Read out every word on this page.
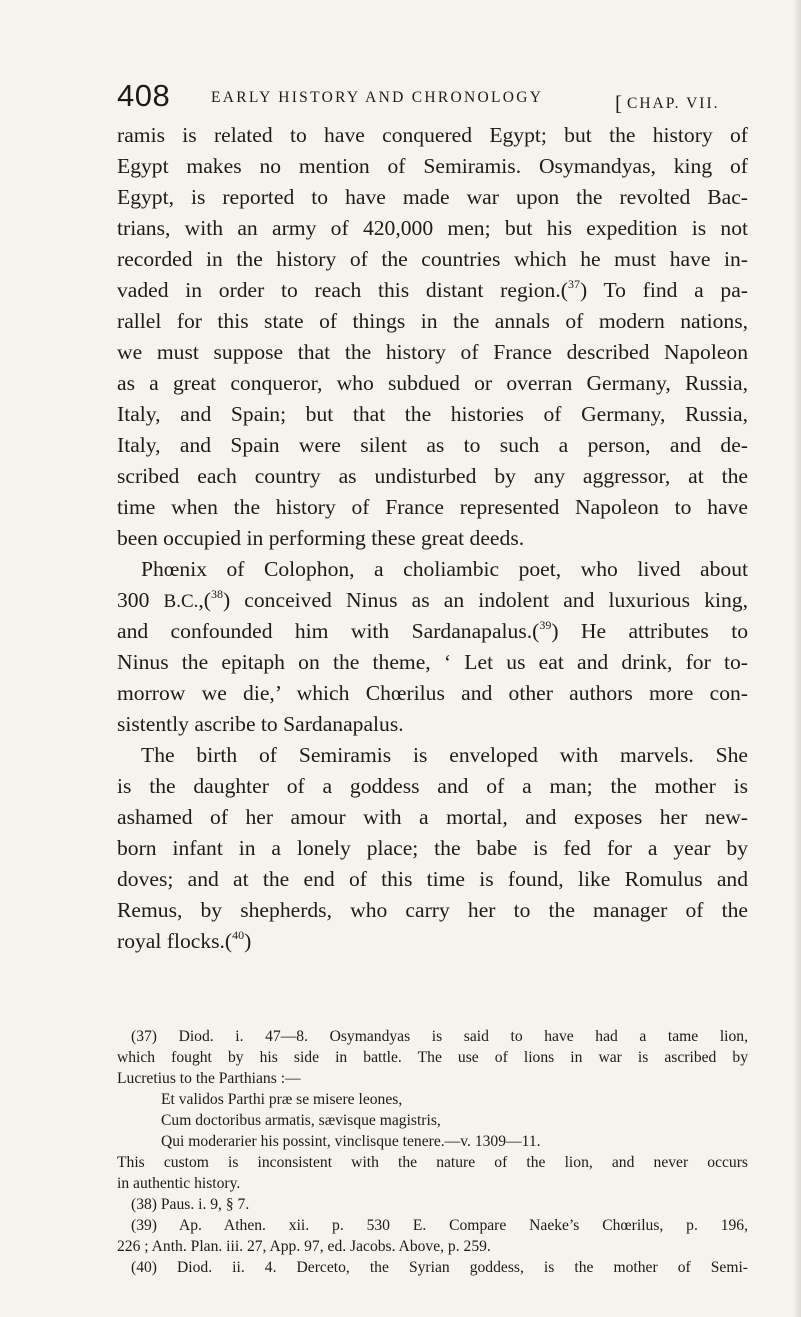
408	EARLY HISTORY AND CHRONOLOGY	[ CHAP. VII.
ramis is related to have conquered Egypt; but the history of
Egypt makes no mention of Semiramis. Osymandyas, king of
Egypt, is reported to have made war upon the revolted Bac-
trians, with an army of 420,000 men; but his expedition is not
recorded in the history of the countries which he must have in-
vaded in order to reach this distant region.($^{37}$) To find a pa-
rallel for this state of things in the annals of modern nations,
we must suppose that the history of France described Napoleon
as a great conqueror, who subdued or overran Germany, Russia,
Italy, and Spain; but that the histories of Germany, Russia,
Italy, and Spain were silent as to such a person, and de-
scribed each country as undisturbed by any aggressor, at the
time when the history of France represented Napoleon to have
been occupied in performing these great deeds.
Phœnix of Colophon, a choliambic poet, who lived about
300 B.C.,($^{38}$) conceived Ninus as an indolent and luxurious king,
and confounded him with Sardanapalus.($^{39}$) He attributes to
Ninus the epitaph on the theme, ‘ Let us eat and drink, for to-
morrow we die,’ which Chœrilus and other authors more con-
sistently ascribe to Sardanapalus.
The birth of Semiramis is enveloped with marvels. She
is the daughter of a goddess and of a man; the mother is
ashamed of her amour with a mortal, and exposes her new-
born infant in a lonely place; the babe is fed for a year by
doves; and at the end of this time is found, like Romulus and
Remus, by shepherds, who carry her to the manager of the
royal flocks.($^{40}$)
(37) Diod. i. 47—8. Osymandyas is said to have had a tame lion,
which fought by his side in battle. The use of lions in war is ascribed by
Lucretius to the Parthians :—
Et validos Parthi præ se misere leones,
Cum doctoribus armatis, sævisque magistris,
Qui moderarier his possint, vinclisque tenere.—v. 1309—11.
This custom is inconsistent with the nature of the lion, and never occurs
in authentic history.
(38) Paus. i. 9, § 7.
(39) Ap. Athen. xii. p. 530 E. Compare Naeke’s Chœrilus, p. 196,
226 ; Anth. Plan. iii. 27, App. 97, ed. Jacobs. Above, p. 259.
(40) Diod. ii. 4. Derceto, the Syrian goddess, is the mother of Semi-
